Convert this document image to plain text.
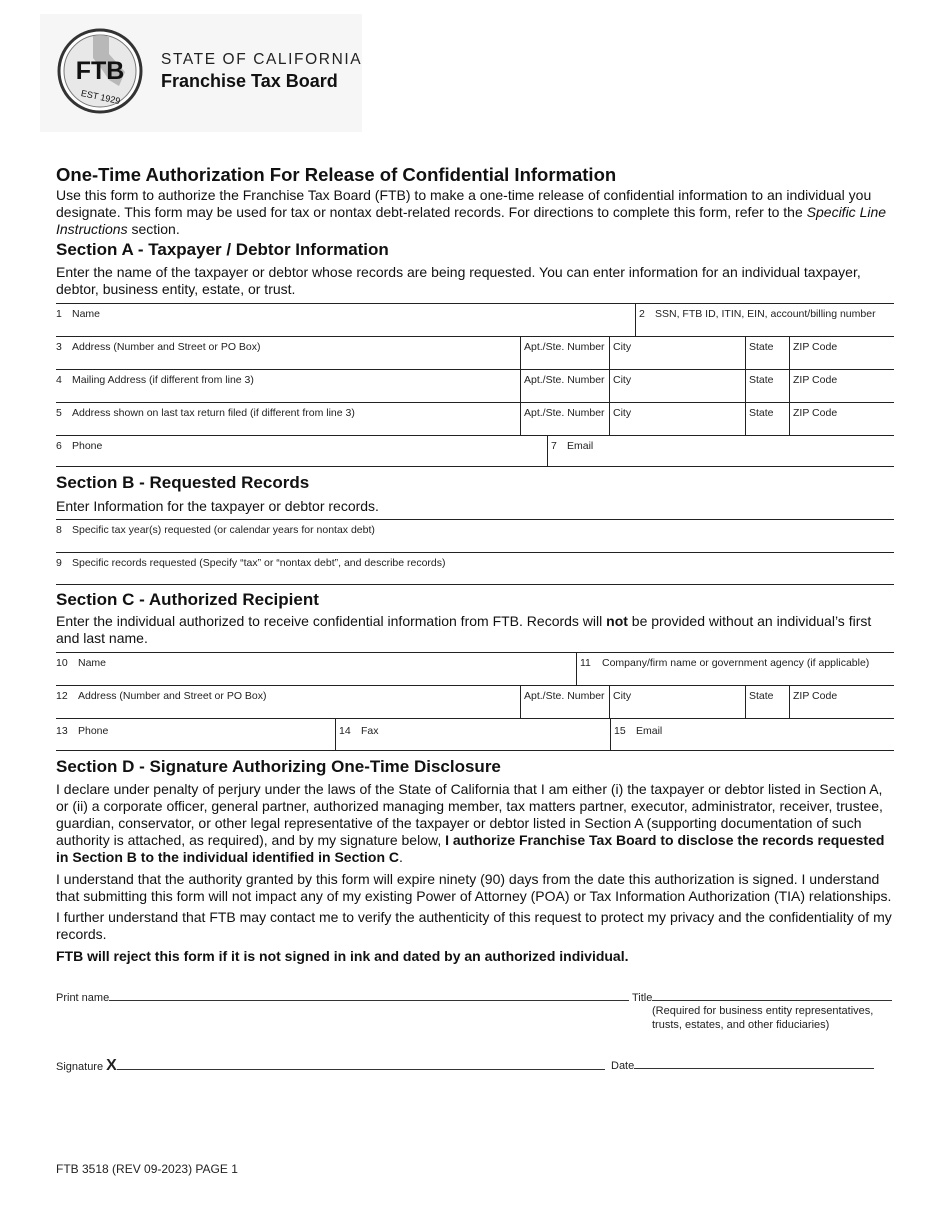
FTB
EST 1929
STATE OF CALIFORNIA
Franchise Tax Board
One-Time Authorization For Release of Confidential Information

Use this form to authorize the Franchise Tax Board (FTB) to make a one-time release of confidential information to an individual you designate. This form may be used for tax or nontax debt-related records. For directions to complete this form, refer to the Specific Line Instructions section.

Section A - Taxpayer / Debtor Information

Enter the name of the taxpayer or debtor whose records are being requested. You can enter information for an individual taxpayer, debtor, business entity, estate, or trust.

1 Name	2 SSN, FTB ID, ITIN, EIN, account/billing number
3 Address (Number and Street or PO Box)	Apt./Ste. Number City	State	ZIP Code
4 Mailing Address (if different from line 3)	Apt./Ste. Number City	State	ZIP Code
5 Address shown on last tax return filed (if different from line 3)	Apt./Ste. Number City	State	ZIP Code
6 Phone	7 Email
Section B - Requested Records

Enter Information for the taxpayer or debtor records.

8 Specific tax year(s) requested (or calendar years for nontax debt)
9 Specific records requested (Specify “tax” or “nontax debt”, and describe records)
Section C - Authorized Recipient

Enter the individual authorized to receive confidential information from FTB. Records will not be provided without an individual’s first and last name.

10 Name	11 Company/firm name or government agency (if applicable)
12 Address (Number and Street or PO Box)	Apt./Ste. Number City	State	ZIP Code
13 Phone	14 Fax	15 Email
Section D - Signature Authorizing One-Time Disclosure

I declare under penalty of perjury under the laws of the State of California that I am either (i) the taxpayer or debtor listed in Section A, or (ii) a corporate officer, general partner, authorized managing member, tax matters partner, executor, administrator, receiver, trustee, guardian, conservator, or other legal representative of the taxpayer or debtor listed in Section A (supporting documentation of such authority is attached, as required), and by my signature below, I authorize Franchise Tax Board to disclose the records requested in Section B to the individual identified in Section C.

I understand that the authority granted by this form will expire ninety (90) days from the date this authorization is signed. I understand that submitting this form will not impact any of my existing Power of Attorney (POA) or Tax Information Authorization (TIA) relationships.

I further understand that FTB may contact me to verify the authenticity of this request to protect my privacy and the confidentiality of my records.

FTB will reject this form if it is not signed in ink and dated by an authorized individual.

Print name	Title
(Required for business entity representatives, trusts, estates, and other fiduciaries)
Signature X	Date
FTB 3518 (REV 09-2023) PAGE 1
